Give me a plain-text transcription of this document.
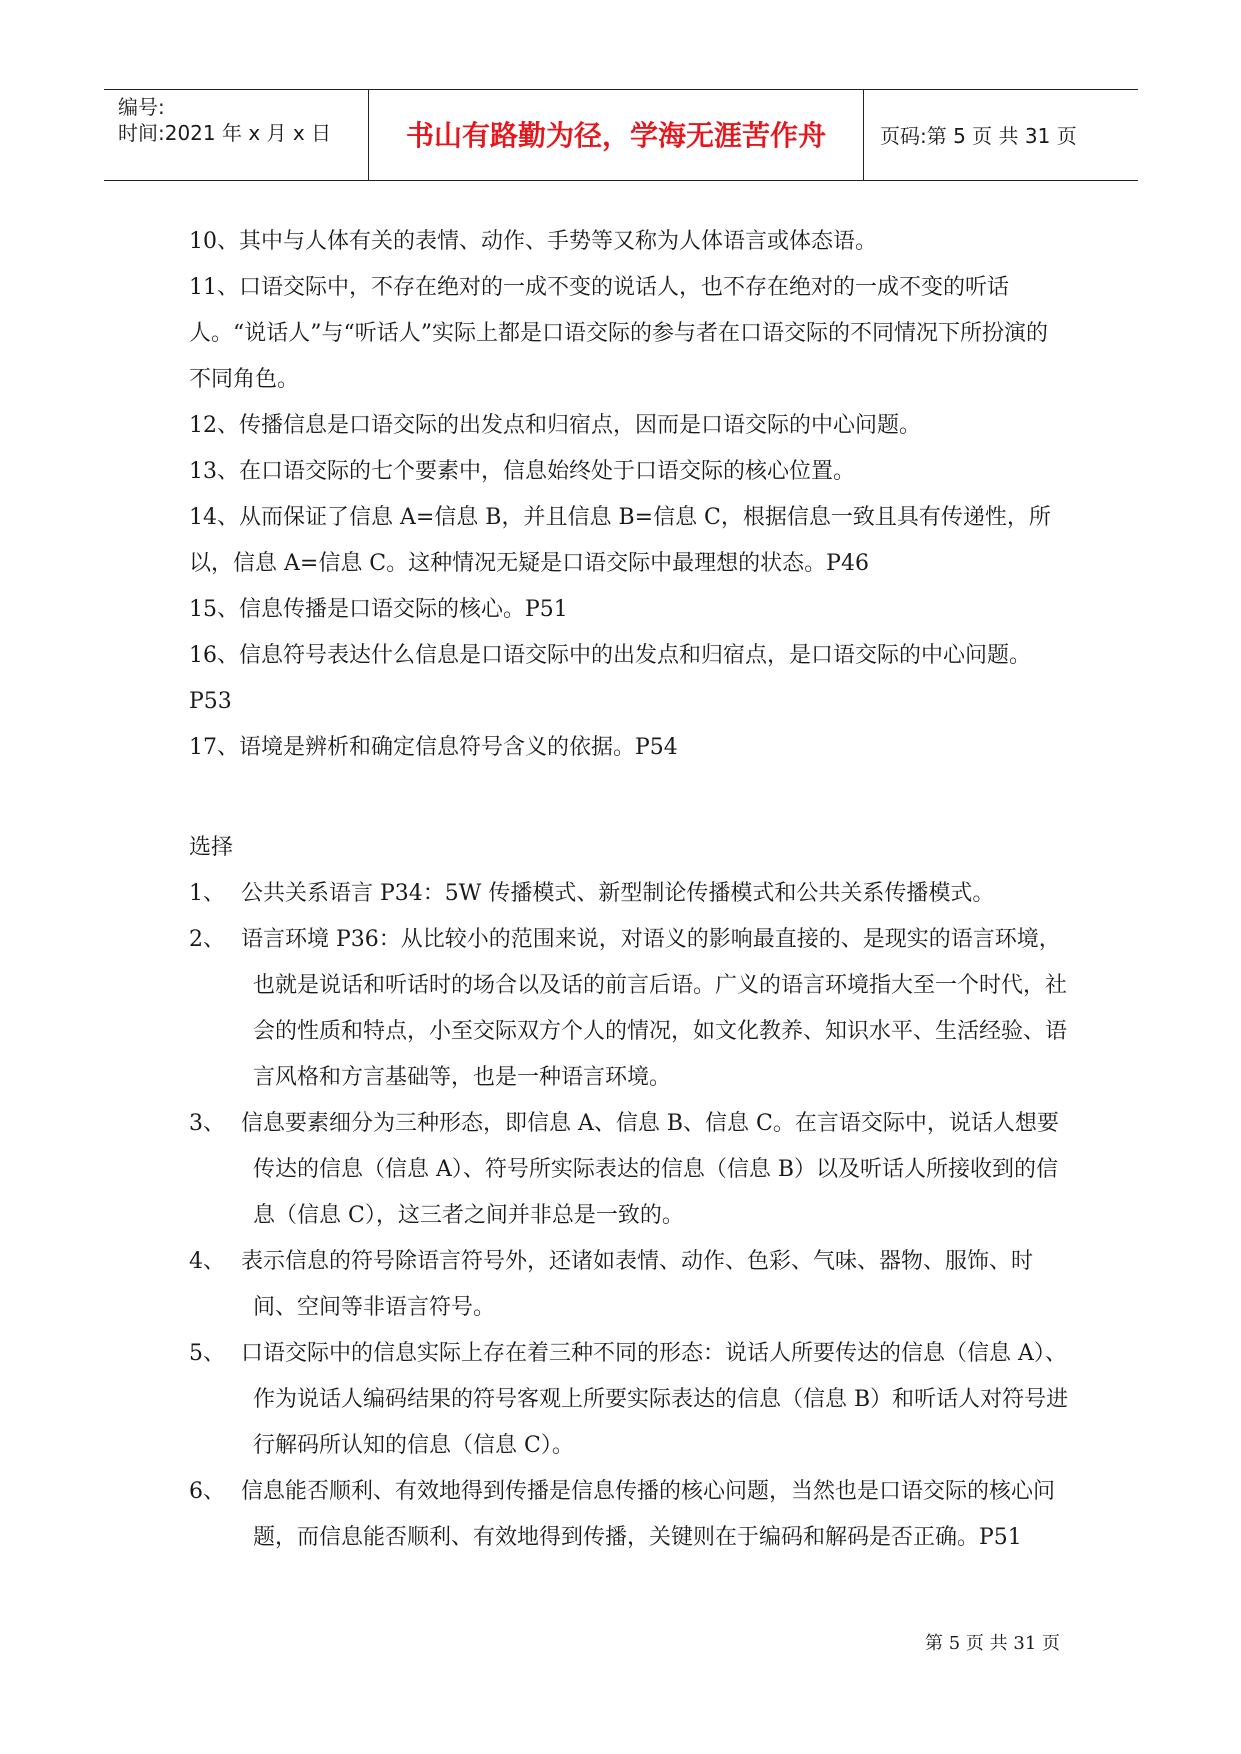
编号:
时间:2021 年 x 月 x 日	书山有路勤为径，学海无涯苦作舟	页码:第 5 页 共 31 页

10、其中与人体有关的表情、动作、手势等又称为人体语言或体态语。

11、口语交际中，不存在绝对的一成不变的说话人，也不存在绝对的一成不变的听话人。“说话人”与“听话人”实际上都是口语交际的参与者在口语交际的不同情况下所扮演的不同角色。

12、传播信息是口语交际的出发点和归宿点，因而是口语交际的中心问题。

13、在口语交际的七个要素中，信息始终处于口语交际的核心位置。

14、从而保证了信息 A=信息 B，并且信息 B=信息 C，根据信息一致且具有传递性，所以，信息 A=信息 C。这种情况无疑是口语交际中最理想的状态。P46

15、信息传播是口语交际的核心。P51

16、信息符号表达什么信息是口语交际中的出发点和归宿点，是口语交际的中心问题。P53

17、语境是辨析和确定信息符号含义的依据。P54

选择

1、 公共关系语言 P34：5W 传播模式、新型制论传播模式和公共关系传播模式。
2、 语言环境 P36：从比较小的范围来说，对语义的影响最直接的、是现实的语言环境，也就是说话和听话时的场合以及话的前言后语。广义的语言环境指大至一个时代，社会的性质和特点，小至交际双方个人的情况，如文化教养、知识水平、生活经验、语言风格和方言基础等，也是一种语言环境。
3、 信息要素细分为三种形态，即信息 A、信息 B、信息 C。在言语交际中，说话人想要传达的信息（信息 A）、符号所实际表达的信息（信息 B）以及听话人所接收到的信息（信息 C），这三者之间并非总是一致的。
4、 表示信息的符号除语言符号外，还诸如表情、动作、色彩、气味、器物、服饰、时间、空间等非语言符号。
5、 口语交际中的信息实际上存在着三种不同的形态：说话人所要传达的信息（信息 A）、作为说话人编码结果的符号客观上所要实际表达的信息（信息 B）和听话人对符号进行解码所认知的信息（信息 C）。
6、 信息能否顺利、有效地得到传播是信息传播的核心问题，当然也是口语交际的核心问题，而信息能否顺利、有效地得到传播，关键则在于编码和解码是否正确。P51
第 5 页 共 31 页
